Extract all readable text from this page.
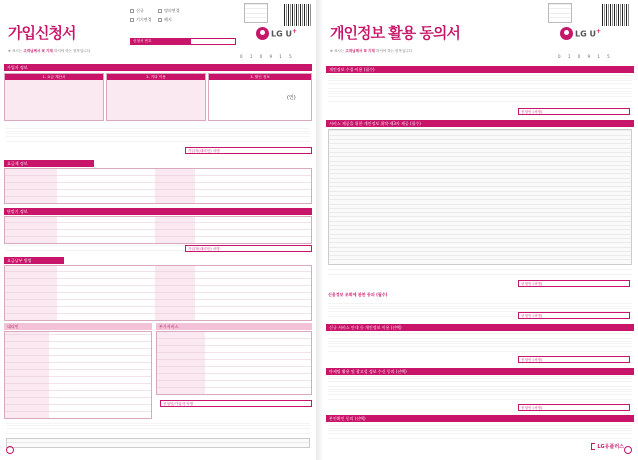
가입신청서
※ 표시는 고객님께서 꼭 기재 하셔야 하는 항목입니다
신규	명의변경
기기변경	해지
신청서 번호
LG U+
0 1 0 9 1 5
가입자 정보
1. 요금 계산서	2. 기타 이용	3. 할인 정보
(인)
가입자(대리인) 서명
요금제 정보
단말기 정보
가입자(대리인) 서명
요금납부 방법
대리인	부가서비스
신청인/가입자 서명
개인정보 활용 동의서
※ 표시는 고객님께서 꼭 기재 하셔야 하는 항목입니다
LG U+
0 1 0 9 1 5
개인정보 수집·이용 (필수)
신청인 (서명)
서비스 제공을 위한 개인정보 위탁·제3자 제공 (필수)
신청인 (서명)
신용정보 조회에 관한 동의 (필수)
신청인 (서명)
신규 서비스 안내 등 개인정보 이용 (선택)
신청인 (서명)
마케팅 활용 및 광고성 정보 수신 동의 (선택)
신청인 (서명)
본인확인 동의 (선택)
LG유플러스
